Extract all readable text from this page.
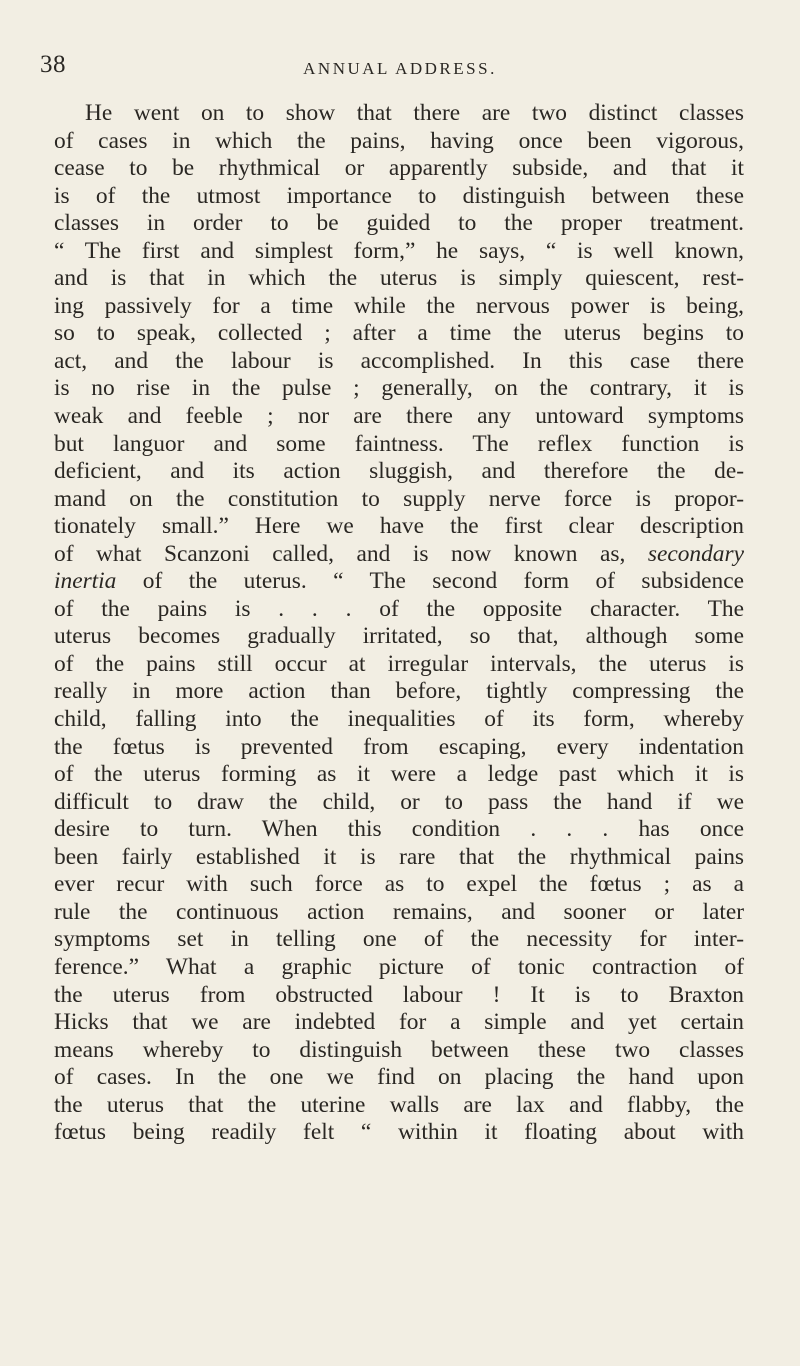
38	ANNUAL ADDRESS.
He went on to show that there are two distinct classes
of cases in which the pains, having once been vigorous,
cease to be rhythmical or apparently subside, and that it
is of the utmost importance to distinguish between these
classes in order to be guided to the proper treatment.
“ The first and simplest form,” he says, “ is well known,
and is that in which the uterus is simply quiescent, rest-
ing passively for a time while the nervous power is being,
so to speak, collected ; after a time the uterus begins to
act, and the labour is accomplished. In this case there
is no rise in the pulse ; generally, on the contrary, it is
weak and feeble ; nor are there any untoward symptoms
but languor and some faintness. The reflex function is
deficient, and its action sluggish, and therefore the de-
mand on the constitution to supply nerve force is propor-
tionately small.” Here we have the first clear description
of what Scanzoni called, and is now known as, secondary
inertia of the uterus. “ The second form of subsidence
of the pains is . . . of the opposite character. The
uterus becomes gradually irritated, so that, although some
of the pains still occur at irregular intervals, the uterus is
really in more action than before, tightly compressing the
child, falling into the inequalities of its form, whereby
the fœtus is prevented from escaping, every indentation
of the uterus forming as it were a ledge past which it is
difficult to draw the child, or to pass the hand if we
desire to turn. When this condition . . . has once
been fairly established it is rare that the rhythmical pains
ever recur with such force as to expel the fœtus ; as a
rule the continuous action remains, and sooner or later
symptoms set in telling one of the necessity for inter-
ference.” What a graphic picture of tonic contraction of
the uterus from obstructed labour ! It is to Braxton
Hicks that we are indebted for a simple and yet certain
means whereby to distinguish between these two classes
of cases. In the one we find on placing the hand upon
the uterus that the uterine walls are lax and flabby, the
fœtus being readily felt “ within it floating about with
